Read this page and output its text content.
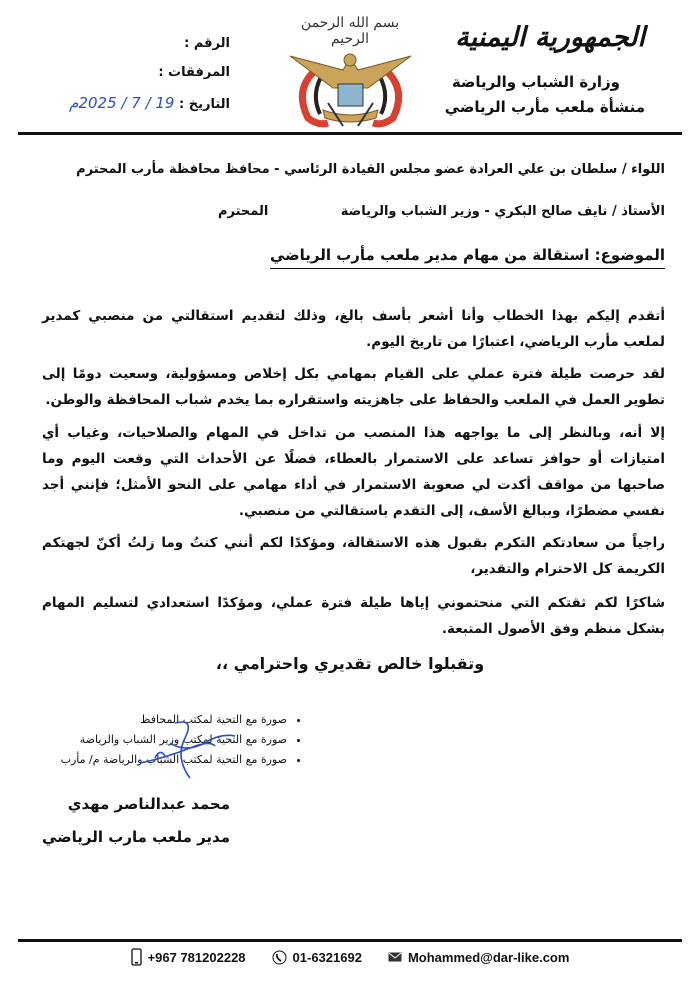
الجمهورية اليمنية
وزارة الشباب والرياضة
منشأة ملعب مأرب الرياضي
بسم الله الرحمن الرحيم
الرقم :
المرفقات :
التاريخ : 19 / 7 / 2025م
اللواء / سلطان بن علي العرادة عضو مجلس القيادة الرئاسي - محافظ محافظة مأرب المحترم
الأستاذ / نايف صالح البكري - وزير الشباب والرياضة                المحترم
الموضوع: استقالة من مهام مدير ملعب مأرب الرياضي
أتقدم إليكم بهذا الخطاب وأنا أشعر بأسف بالغ، وذلك لتقديم استقالتي من منصبي كمدير لملعب مأرب الرياضي، اعتبارًا من تاريخ اليوم.
لقد حرصت طيلة فترة عملي على القيام بمهامي بكل إخلاص ومسؤولية، وسعيت دومًا إلى تطوير العمل في الملعب والحفاظ على جاهزيته واستقراره بما يخدم شباب المحافظة والوطن.
إلا أنه، وبالنظر إلى ما يواجهه هذا المنصب من تداخل في المهام والصلاحيات، وغياب أي امتيازات أو حوافز تساعد على الاستمرار بالعطاء، فضلًا عن الأحداث التي وقعت اليوم وما صاحبها من مواقف أكدت لي صعوبة الاستمرار في أداء مهامي على النحو الأمثل؛ فإنني أجد نفسي مضطرًا، وببالغ الأسف، إلى التقدم باستقالتي من منصبي.
راجياً من سعادتكم التكرم بقبول هذه الاستقالة، ومؤكدًا لكم أنني كنتُ وما زلتُ أكنّ لجهتكم الكريمة كل الاحترام والتقدير،
شاكرًا لكم ثقتكم التي منحتموني إياها طيلة فترة عملي، ومؤكدًا استعدادي لتسليم المهام بشكل منظم وفق الأصول المتبعة.
وتقبلوا خالص تقديري واحترامي ،،
• صورة مع التحية لمكتب المحافظ
• صورة مع التحية لمكتب وزير الشباب والرياضة
• صورة مع التحية لمكتب الشباب والرياضة م/ مأرب
محمد عبدالناصر مهدي
مدير ملعب مارب الرياضي
+967 781202228	01-6321692	Mohammed@dar-like.com
